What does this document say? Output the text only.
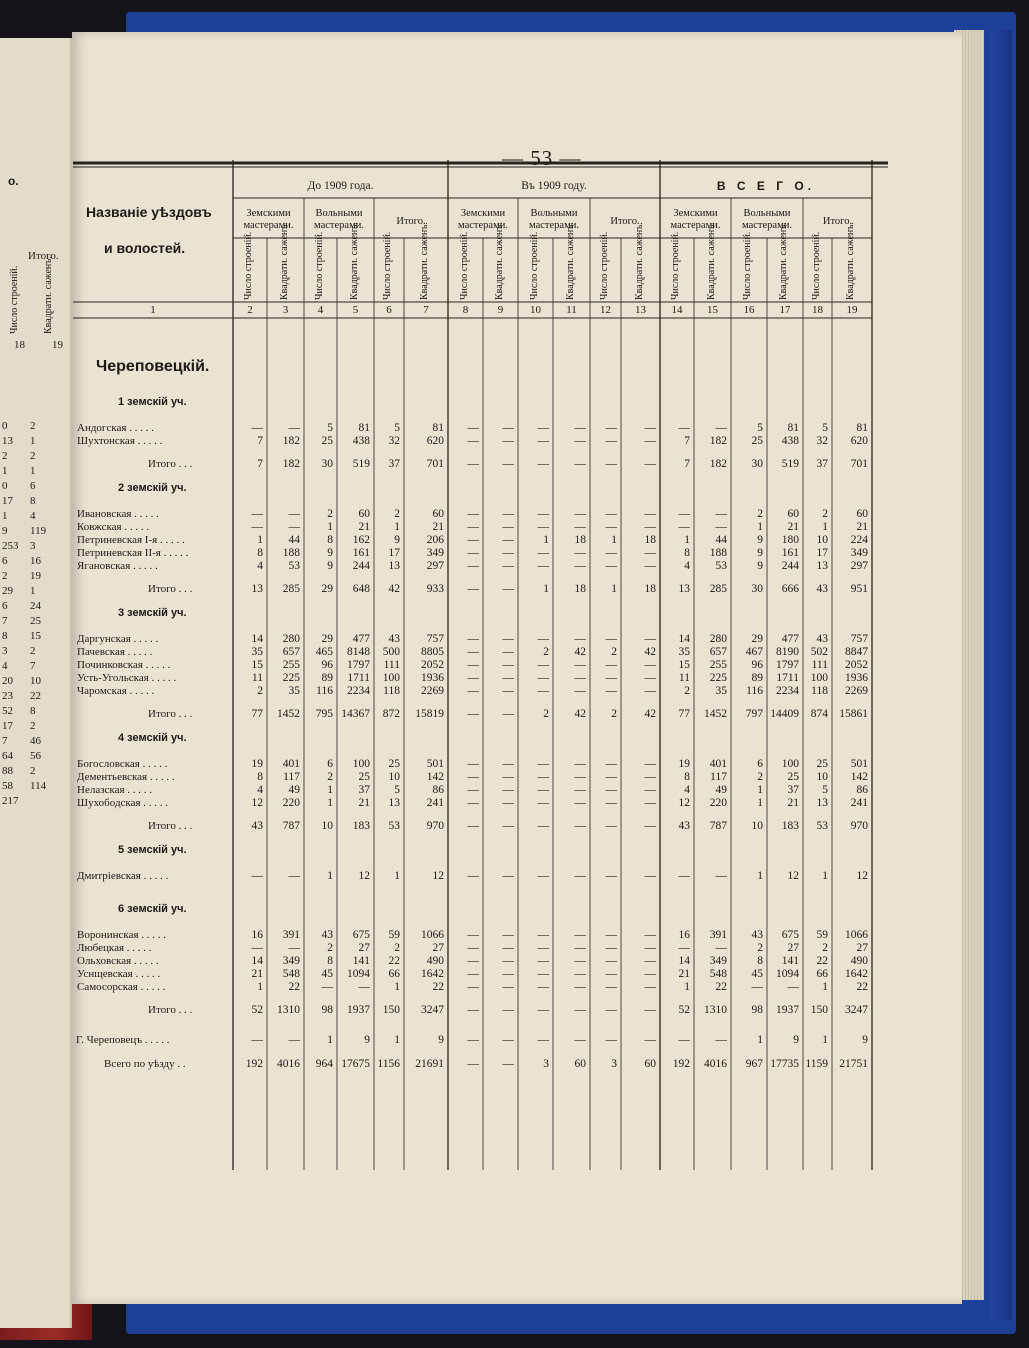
о.
Итого.
Число строеній. Квадрати. саженъ.
18 19
0 2
13 1
2 2
1 1
0 6
17 8
1 4
9 119
253 3
6 16
2 19
29 1
6 24
7 25
8 15
3 2
4 7
20 10
23 22
52 8
17 2
7 46
64 56
88 2
58 114
217
— 53 —
Названіе уѣздовъ
и волостей.
До 1909 года.	Въ 1909 году.	В С Е Г О.
Земскими
мастерами.
Вольными
мастерами.	Итого.
Земскими
мастерами.
Вольными
мастерами.	Итого.
Земскими
мастерами.
Вольными
мастерами.	Итого.
Число строеній. Квадрати. саженъ. Число строеній. Квадрати. саженъ. Число строеній.	Квадрати. саженъ.	Число строеній. Квадрати. саженъ. Число строеній.	Квадрати. саженъ. Число строеній. Квадрати. саженъ.	Число строеній. Квадрати. саженъ.	Число строеній.	Квадрати. саженъ. Число строеній. Квадрати. саженъ.
1	2	3	4	5	6	7	8	9	10	11	12	13	14	15	16	17	18	19
Череповецкій.
1 земскій уч.
Андогская . . . . .	—	—	5	81	5	81	—	—	—	—	—	—	—	—	5	81	5	81
Шухтонская . . . . .	7	182	25	438	32	620	—	—	—	—	—	—	7	182	25	438	32	620
Итого . . .	7	182	30	519	37	701	—	—	—	—	—	—	7	182	30	519	37	701
2 земскій уч.
Ивановская . . . . .	—	—	2	60	2	60	—	—	—	—	—	—	—	—	2	60	2	60
Ковжская . . . . .	—	—	1	21	1	21	—	—	—	—	—	—	—	—	1	21	1	21
Петриневская I-я . . . . .	1	44	8	162	9	206	—	—	1	18	1	18	1	44	9	180	10	224
Петриневская II-я . . . . .	8	188	9	161	17	349	—	—	—	—	—	—	8	188	9	161	17	349
Ягановская . . . . .	4	53	9	244	13	297	—	—	—	—	—	—	4	53	9	244	13	297
Итого . . .	13	285	29	648	42	933	—	—	1	18	1	18	13	285	30	666	43	951
3 земскій уч.
Даргунская . . . . .	14	280	29	477	43	757	—	—	—	—	—	—	14	280	29	477	43	757
Пачевская . . . . .	35	657	465	8148	500	8805	—	—	2	42	2	42	35	657	467	8190	502	8847
Починковская . . . . .	15	255	96	1797	111	2052	—	—	—	—	—	—	15	255	96	1797	111	2052
Усть-Угольская . . . . .	11	225	89	1711	100	1936	—	—	—	—	—	—	11	225	89	1711	100	1936
Чаромская . . . . .	2	35	116	2234	118	2269	—	—	—	—	—	—	2	35	116	2234	118	2269
Итого . . .	77	1452	795 14367	872	15819	—	—	2	42	2	42	77	1452	797 14409	874 15861
4 земскій уч.
Богословская . . . . .	19	401	6	100	25	501	—	—	—	—	—	—	19	401	6	100	25	501
Дементьевская . . . . .	8	117	2	25	10	142	—	—	—	—	—	—	8	117	2	25	10	142
Нелазская . . . . .	4	49	1	37	5	86	—	—	—	—	—	—	4	49	1	37	5	86
Шухободская . . . . .	12	220	1	21	13	241	—	—	—	—	—	—	12	220	1	21	13	241
Итого . . .	43	787	10	183	53	970	—	—	—	—	—	—	43	787	10	183	53	970
5 земскій уч.
Дмитріевская . . . . .	—	—	1	12	1	12	—	—	—	—	—	—	—	—	1	12	1	12
6 земскій уч.
Воронинская . . . . .	16	391	43	675	59	1066	—	—	—	—	—	—	16	391	43	675	59	1066
Любецкая . . . . .	—	—	2	27	2	27	—	—	—	—	—	—	—	—	2	27	2	27
Ольховская . . . . .	14	349	8	141	22	490	—	—	—	—	—	—	14	349	8	141	22	490
Уснщевская . . . . .	21	548	45	1094	66	1642	—	—	—	—	—	—	21	548	45	1094	66	1642
Самосорская . . . . .	1	22	—	—	1	22	—	—	—	—	—	—	1	22	—	—	1	22
Итого . . .	52	1310	98	1937	150	3247	—	—	—	—	—	—	52	1310	98	1937	150	3247
Г. Череповецъ . . . . .	—	—	1	9	1	9	—	—	—	—	—	—	—	—	1	9	1	9
Всего по уѣзду . .	192	4016	964 17675 1156	21691	—	—	3	60	3	60	192	4016	967 17735 1159 21751
